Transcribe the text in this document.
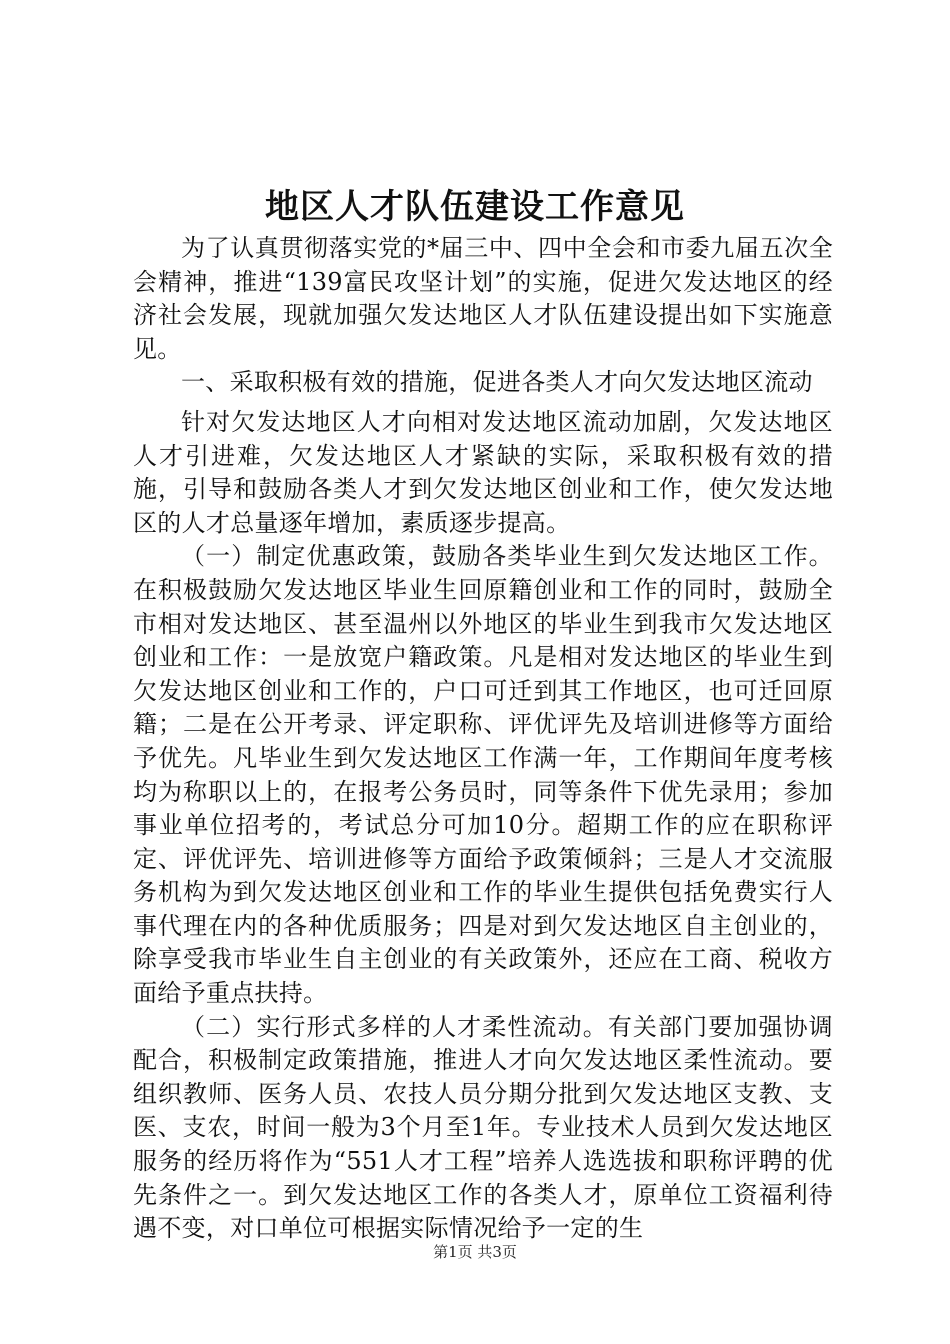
地区人才队伍建设工作意见

为了认真贯彻落实党的*届三中、四中全会和市委九届五次全会精神，推进“139富民攻坚计划”的实施，促进欠发达地区的经济社会发展，现就加强欠发达地区人才队伍建设提出如下实施意见。

一、采取积极有效的措施，促进各类人才向欠发达地区流动

针对欠发达地区人才向相对发达地区流动加剧，欠发达地区人才引进难，欠发达地区人才紧缺的实际，采取积极有效的措施，引导和鼓励各类人才到欠发达地区创业和工作，使欠发达地区的人才总量逐年增加，素质逐步提高。

（一）制定优惠政策，鼓励各类毕业生到欠发达地区工作。在积极鼓励欠发达地区毕业生回原籍创业和工作的同时，鼓励全市相对发达地区、甚至温州以外地区的毕业生到我市欠发达地区创业和工作：一是放宽户籍政策。凡是相对发达地区的毕业生到欠发达地区创业和工作的，户口可迁到其工作地区，也可迁回原籍；二是在公开考录、评定职称、评优评先及培训进修等方面给予优先。凡毕业生到欠发达地区工作满一年，工作期间年度考核均为称职以上的，在报考公务员时，同等条件下优先录用；参加事业单位招考的，考试总分可加10分。超期工作的应在职称评定、评优评先、培训进修等方面给予政策倾斜；三是人才交流服务机构为到欠发达地区创业和工作的毕业生提供包括免费实行人事代理在内的各种优质服务；四是对到欠发达地区自主创业的，除享受我市毕业生自主创业的有关政策外，还应在工商、税收方面给予重点扶持。

（二）实行形式多样的人才柔性流动。有关部门要加强协调配合，积极制定政策措施，推进人才向欠发达地区柔性流动。要组织教师、医务人员、农技人员分期分批到欠发达地区支教、支医、支农，时间一般为3个月至1年。专业技术人员到欠发达地区服务的经历将作为“551人才工程”培养人选选拔和职称评聘的优先条件之一。到欠发达地区工作的各类人才，原单位工资福利待遇不变，对口单位可根据实际情况给予一定的生

第1页 共3页
